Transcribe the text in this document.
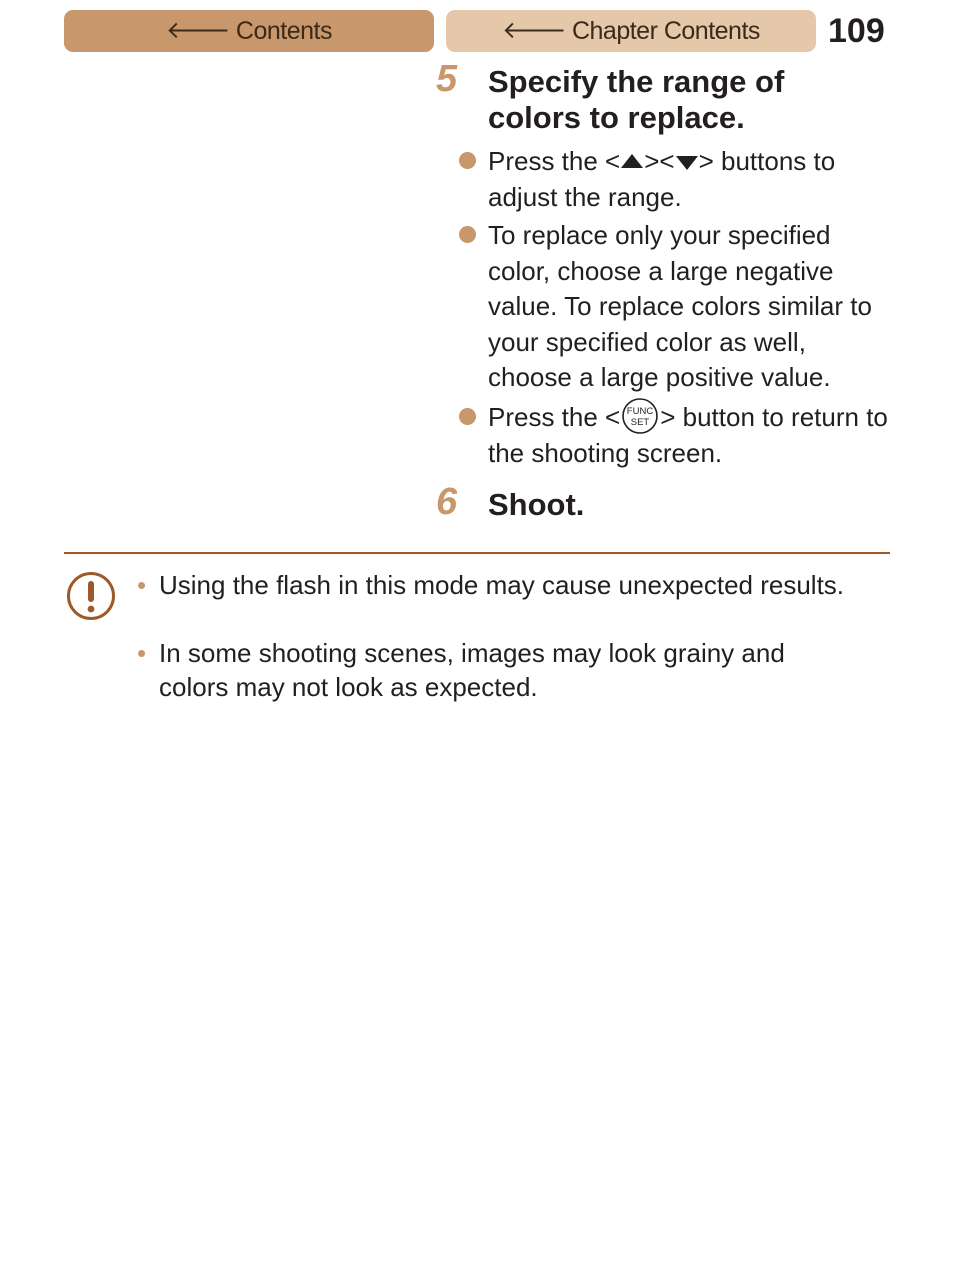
🡐 Contents	🡐 Chapter Contents 109
5 Specify the range of
colors to replace.
Press the < >< > buttons to adjust the range.
To replace only your specified color, choose a large negative value. To replace colors similar to your specified color as well, choose a large positive value.
Press the < FUNC
SET > button to return to the shooting screen.
6 Shoot.
• Using the flash in this mode may cause unexpected results.
• In some shooting scenes, images may look grainy and colors may not look as expected.
